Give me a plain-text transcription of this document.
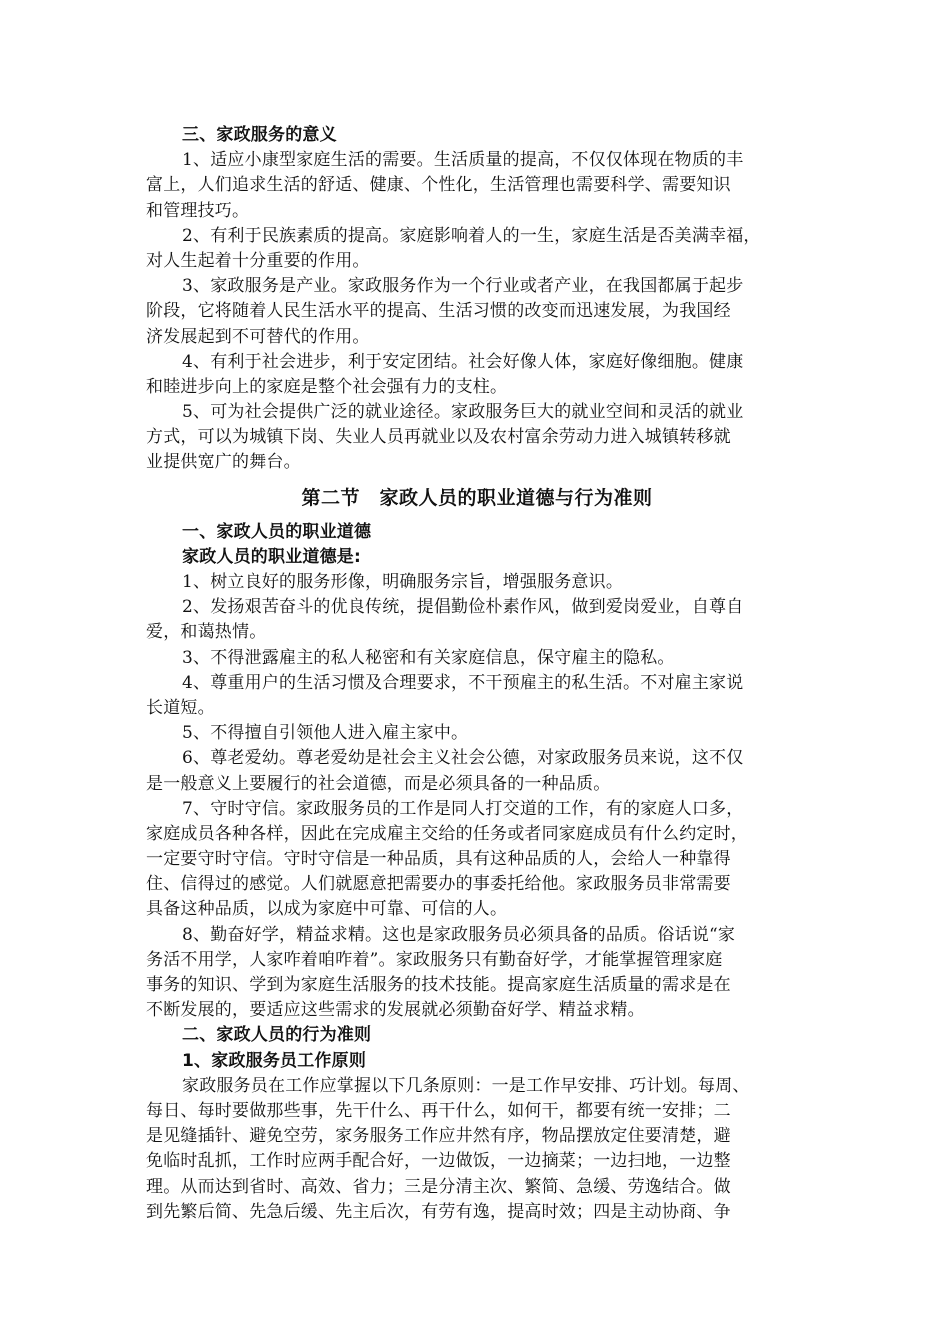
三、家政服务的意义
1、适应小康型家庭生活的需要。生活质量的提高，不仅仅体现在物质的丰
富上，人们追求生活的舒适、健康、个性化，生活管理也需要科学、需要知识
和管理技巧。
2、有利于民族素质的提高。家庭影响着人的一生，家庭生活是否美满幸福，
对人生起着十分重要的作用。
3、家政服务是产业。家政服务作为一个行业或者产业，在我国都属于起步
阶段，它将随着人民生活水平的提高、生活习惯的改变而迅速发展，为我国经
济发展起到不可替代的作用。
4、有利于社会进步，利于安定团结。社会好像人体，家庭好像细胞。健康
和睦进步向上的家庭是整个社会强有力的支柱。
5、可为社会提供广泛的就业途径。家政服务巨大的就业空间和灵活的就业
方式，可以为城镇下岗、失业人员再就业以及农村富余劳动力进入城镇转移就
业提供宽广的舞台。
第二节　家政人员的职业道德与行为准则
一、家政人员的职业道德
家政人员的职业道德是:
1、树立良好的服务形像，明确服务宗旨，增强服务意识。
2、发扬艰苦奋斗的优良传统，提倡勤俭朴素作风，做到爱岗爱业，自尊自
爱，和蔼热情。
3、不得泄露雇主的私人秘密和有关家庭信息，保守雇主的隐私。
4、尊重用户的生活习惯及合理要求，不干预雇主的私生活。不对雇主家说
长道短。
5、不得擅自引领他人进入雇主家中。
6、尊老爱幼。尊老爱幼是社会主义社会公德，对家政服务员来说，这不仅
是一般意义上要履行的社会道德，而是必须具备的一种品质。
7、守时守信。家政服务员的工作是同人打交道的工作，有的家庭人口多，
家庭成员各种各样，因此在完成雇主交给的任务或者同家庭成员有什么约定时，
一定要守时守信。守时守信是一种品质，具有这种品质的人，会给人一种靠得
住、信得过的感觉。人们就愿意把需要办的事委托给他。家政服务员非常需要
具备这种品质，以成为家庭中可靠、可信的人。
8、勤奋好学，精益求精。这也是家政服务员必须具备的品质。俗话说“家
务活不用学，人家咋着咱咋着”。家政服务只有勤奋好学，才能掌握管理家庭
事务的知识、学到为家庭生活服务的技术技能。提高家庭生活质量的需求是在
不断发展的，要适应这些需求的发展就必须勤奋好学、精益求精。
二、家政人员的行为准则
1、家政服务员工作原则
家政服务员在工作应掌握以下几条原则：一是工作早安排、巧计划。每周、
每日、每时要做那些事，先干什么、再干什么，如何干，都要有统一安排；二
是见缝插针、避免空劳，家务服务工作应井然有序，物品摆放定住要清楚，避
免临时乱抓，工作时应两手配合好，一边做饭，一边摘菜；一边扫地，一边整
理。从而达到省时、高效、省力；三是分清主次、繁简、急缓、劳逸结合。做
到先繁后简、先急后缓、先主后次，有劳有逸，提高时效；四是主动协商、争
